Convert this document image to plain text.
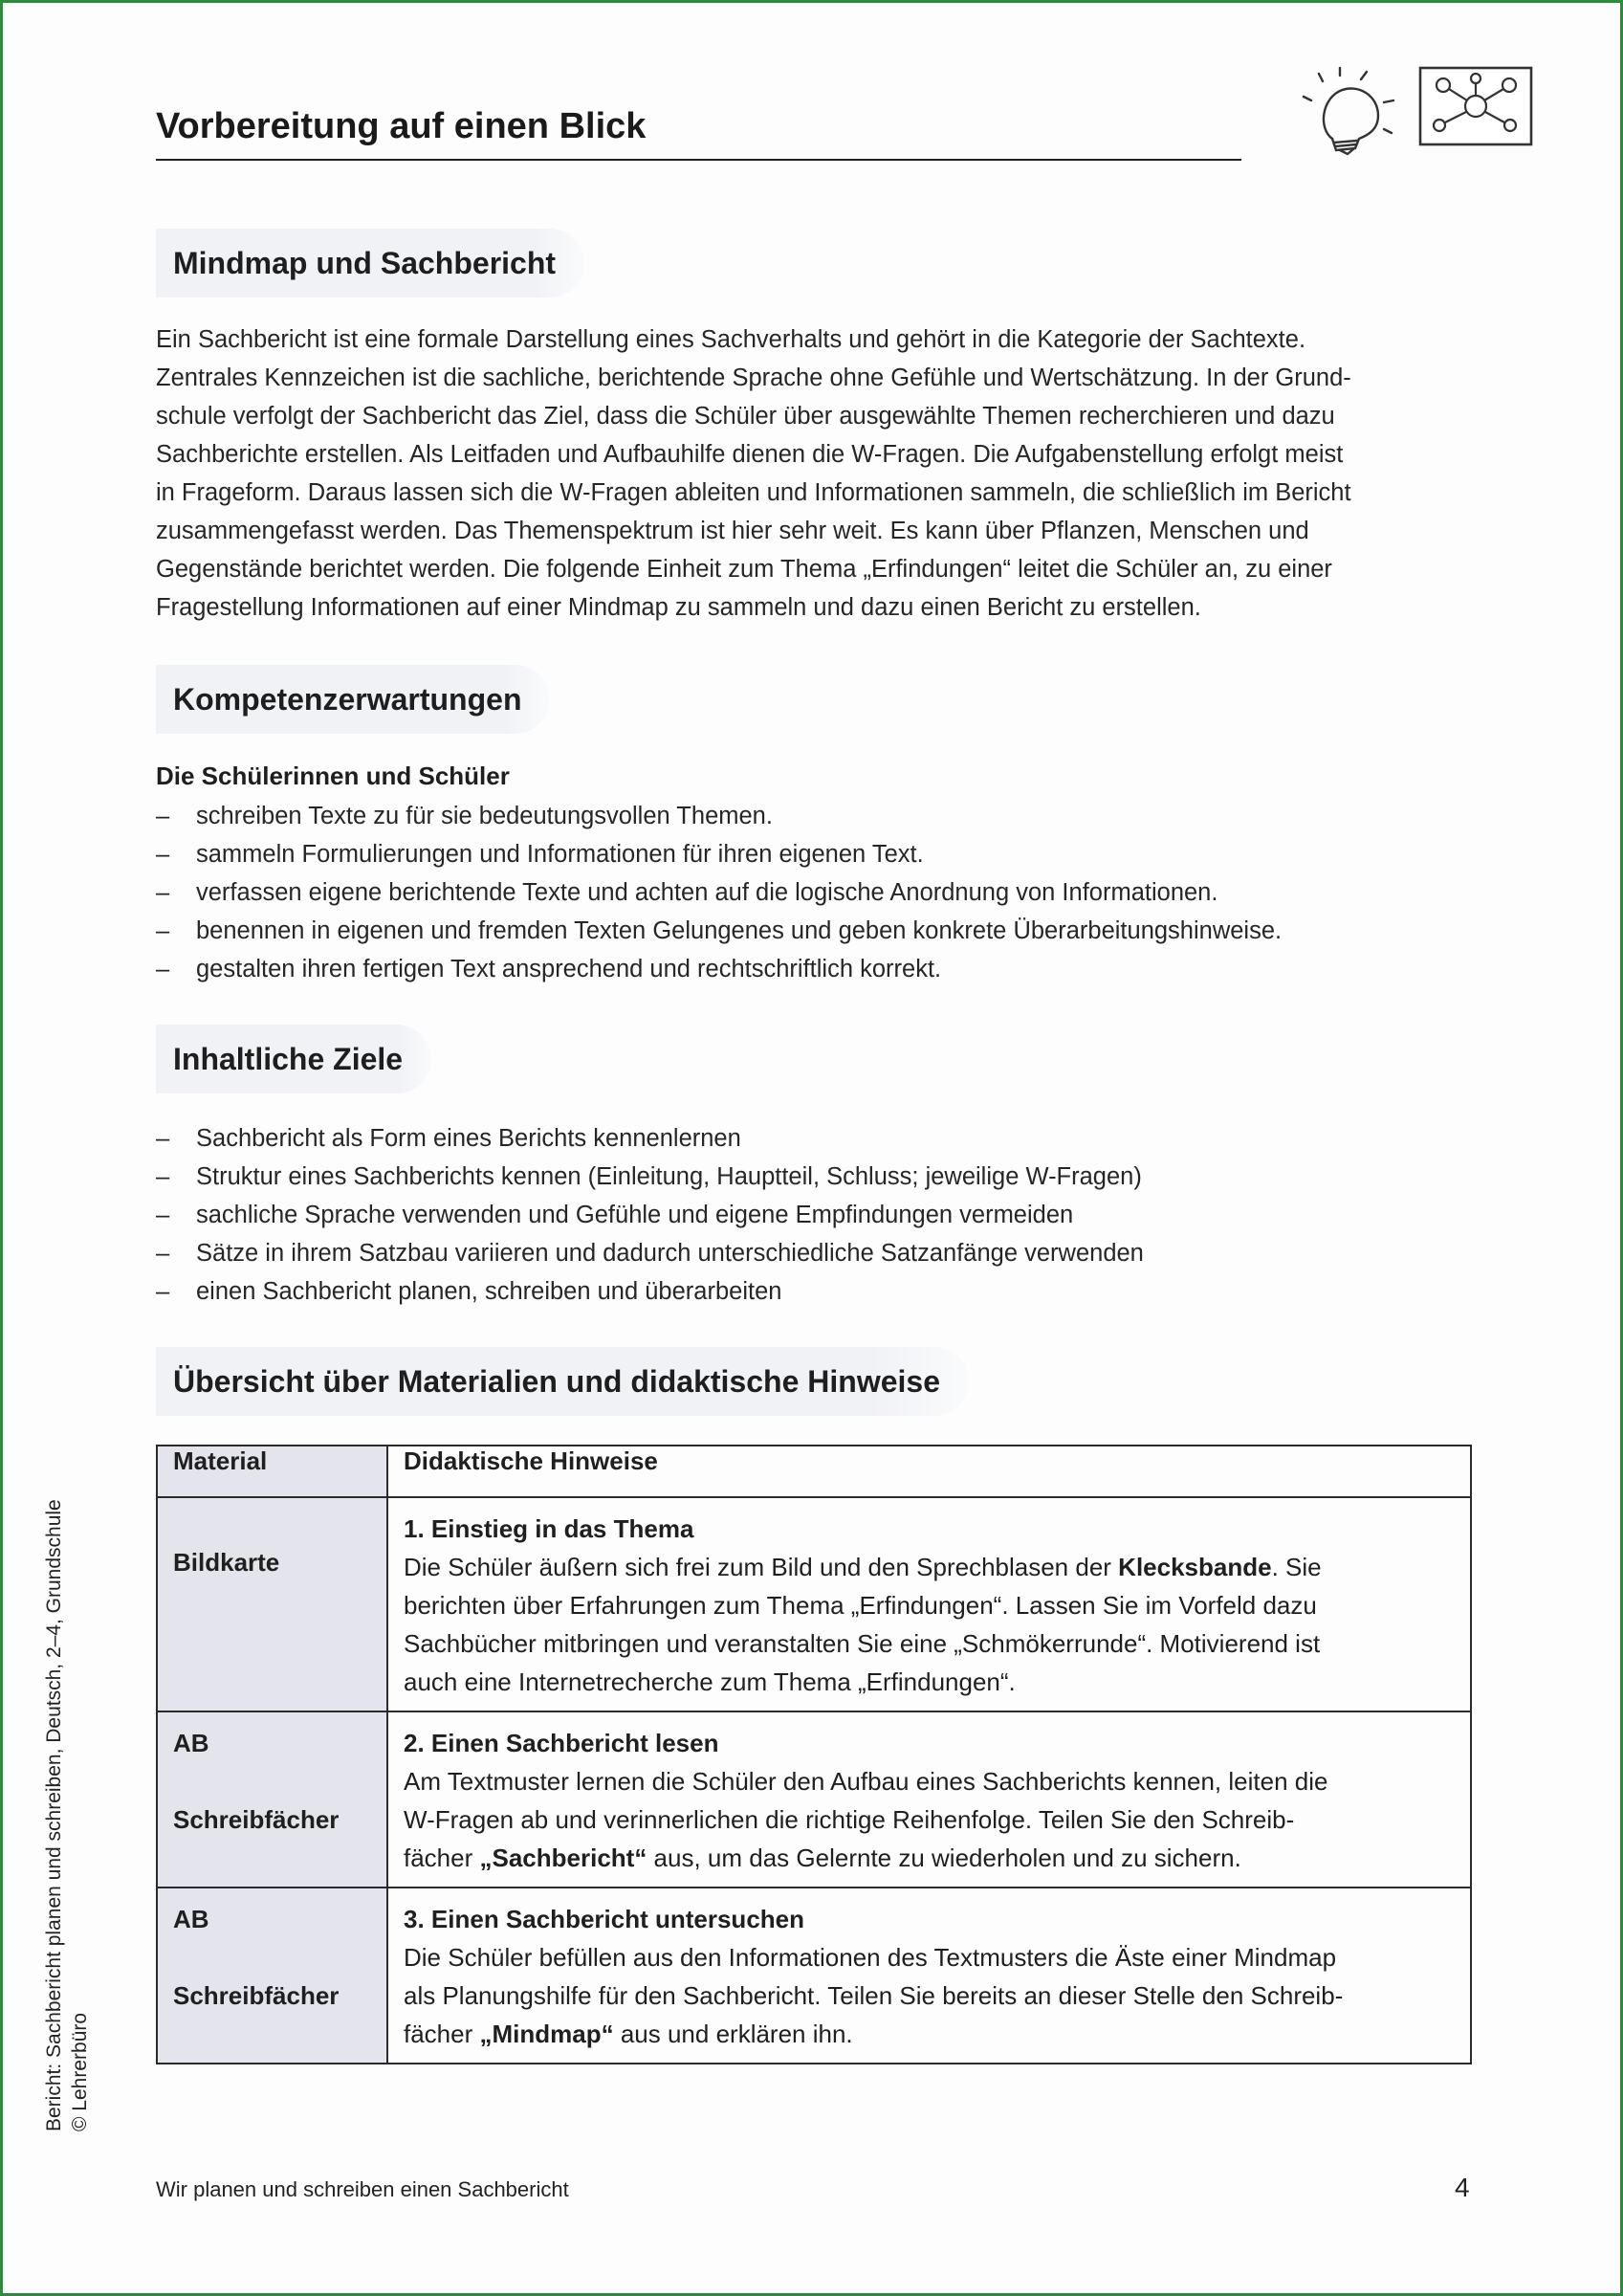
Vorbereitung auf einen Blick
Mindmap und Sachbericht
Ein Sachbericht ist eine formale Darstellung eines Sachverhalts und gehört in die Kategorie der Sachtexte.
Zentrales Kennzeichen ist die sachliche, berichtende Sprache ohne Gefühle und Wertschätzung. In der Grund-
schule verfolgt der Sachbericht das Ziel, dass die Schüler über ausgewählte Themen recherchieren und dazu
Sachberichte erstellen. Als Leitfaden und Aufbauhilfe dienen die W-Fragen. Die Aufgabenstellung erfolgt meist
in Frageform. Daraus lassen sich die W-Fragen ableiten und Informationen sammeln, die schließlich im Bericht
zusammengefasst werden. Das Themenspektrum ist hier sehr weit. Es kann über Pflanzen, Menschen und
Gegenstände berichtet werden. Die folgende Einheit zum Thema „Erfindungen“ leitet die Schüler an, zu einer
Fragestellung Informationen auf einer Mindmap zu sammeln und dazu einen Bericht zu erstellen.
Kompetenzerwartungen
Die Schülerinnen und Schüler
– schreiben Texte zu für sie bedeutungsvollen Themen.
– sammeln Formulierungen und Informationen für ihren eigenen Text.
– verfassen eigene berichtende Texte und achten auf die logische Anordnung von Informationen.
– benennen in eigenen und fremden Texten Gelungenes und geben konkrete Überarbeitungshinweise.
– gestalten ihren fertigen Text ansprechend und rechtschriftlich korrekt.
Inhaltliche Ziele
– Sachbericht als Form eines Berichts kennenlernen
– Struktur eines Sachberichts kennen (Einleitung, Hauptteil, Schluss; jeweilige W-Fragen)
– sachliche Sprache verwenden und Gefühle und eigene Empfindungen vermeiden
– Sätze in ihrem Satzbau variieren und dadurch unterschiedliche Satzanfänge verwenden
– einen Sachbericht planen, schreiben und überarbeiten
Übersicht über Materialien und didaktische Hinweise
Material	Didaktische Hinweise
Bildkarte	1. Einstieg in das Thema
Die Schüler äußern sich frei zum Bild und den Sprechblasen der Klecksbande. Sie
berichten über Erfahrungen zum Thema „Erfindungen“. Lassen Sie im Vorfeld dazu
Sachbücher mitbringen und veranstalten Sie eine „Schmökerrunde“. Motivierend ist
auch eine Internetrecherche zum Thema „Erfindungen“.

AB
Schreibfächer	2. Einen Sachbericht lesen
Am Textmuster lernen die Schüler den Aufbau eines Sachberichts kennen, leiten die
W-Fragen ab und verinnerlichen die richtige Reihenfolge. Teilen Sie den Schreib-
fächer „Sachbericht“ aus, um das Gelernte zu wiederholen und zu sichern.

AB
Schreibfächer	3. Einen Sachbericht untersuchen
Die Schüler befüllen aus den Informationen des Textmusters die Äste einer Mindmap
als Planungshilfe für den Sachbericht. Teilen Sie bereits an dieser Stelle den Schreib-
fächer „Mindmap“ aus und erklären ihn.
Bericht: Sachbericht planen und schreiben, Deutsch, 2–4, Grundschule © Lehrerbüro
Wir planen und schreiben einen Sachbericht	4
